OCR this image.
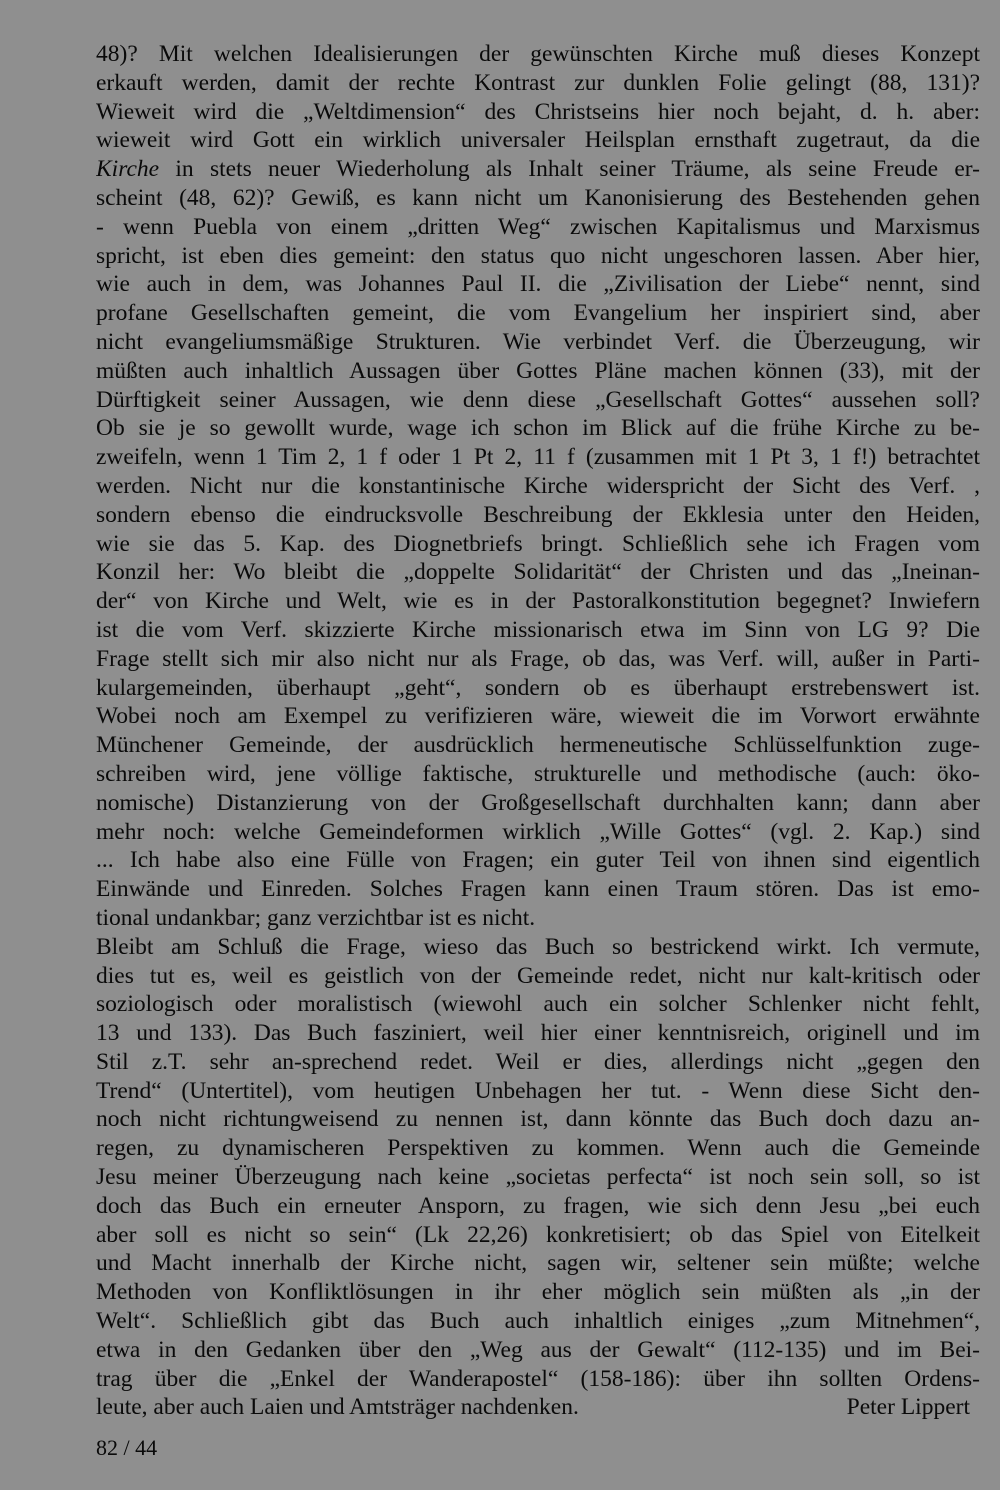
48)? Mit welchen Idealisierungen der gewünschten Kirche muß dieses Konzept
erkauft werden, damit der rechte Kontrast zur dunklen Folie gelingt (88, 131)?
Wieweit wird die „Weltdimension“ des Christseins hier noch bejaht, d. h. aber:
wieweit wird Gott ein wirklich universaler Heilsplan ernsthaft zugetraut, da die
Kirche in stets neuer Wiederholung als Inhalt seiner Träume, als seine Freude er-
scheint (48, 62)? Gewiß, es kann nicht um Kanonisierung des Bestehenden gehen
- wenn Puebla von einem „dritten Weg“ zwischen Kapitalismus und Marxismus
spricht, ist eben dies gemeint: den status quo nicht ungeschoren lassen. Aber hier,
wie auch in dem, was Johannes Paul II. die „Zivilisation der Liebe“ nennt, sind
profane Gesellschaften gemeint, die vom Evangelium her inspiriert sind, aber
nicht evangeliumsmäßige Strukturen. Wie verbindet Verf. die Überzeugung, wir
müßten auch inhaltlich Aussagen über Gottes Pläne machen können (33), mit der
Dürftigkeit seiner Aussagen, wie denn diese „Gesellschaft Gottes“ aussehen soll?
Ob sie je so gewollt wurde, wage ich schon im Blick auf die frühe Kirche zu be-
zweifeln, wenn 1 Tim 2, 1 f oder 1 Pt 2, 11 f (zusammen mit 1 Pt 3, 1 f!) betrachtet
werden. Nicht nur die konstantinische Kirche widerspricht der Sicht des Verf. ,
sondern ebenso die eindrucksvolle Beschreibung der Ekklesia unter den Heiden,
wie sie das 5. Kap. des Diognetbriefs bringt. Schließlich sehe ich Fragen vom
Konzil her: Wo bleibt die „doppelte Solidarität“ der Christen und das „Ineinan-
der“ von Kirche und Welt, wie es in der Pastoralkonstitution begegnet? Inwiefern
ist die vom Verf. skizzierte Kirche missionarisch etwa im Sinn von LG 9? Die
Frage stellt sich mir also nicht nur als Frage, ob das, was Verf. will, außer in Parti-
kulargemeinden, überhaupt „geht“, sondern ob es überhaupt erstrebenswert ist.
Wobei noch am Exempel zu verifizieren wäre, wieweit die im Vorwort erwähnte
Münchener Gemeinde, der ausdrücklich hermeneutische Schlüsselfunktion zuge-
schreiben wird, jene völlige faktische, strukturelle und methodische (auch: öko-
nomische) Distanzierung von der Großgesellschaft durchhalten kann; dann aber
mehr noch: welche Gemeindeformen wirklich „Wille Gottes“ (vgl. 2. Kap.) sind
... Ich habe also eine Fülle von Fragen; ein guter Teil von ihnen sind eigentlich
Einwände und Einreden. Solches Fragen kann einen Traum stören. Das ist emo-
tional undankbar; ganz verzichtbar ist es nicht.
Bleibt am Schluß die Frage, wieso das Buch so bestrickend wirkt. Ich vermute,
dies tut es, weil es geistlich von der Gemeinde redet, nicht nur kalt-kritisch oder
soziologisch oder moralistisch (wiewohl auch ein solcher Schlenker nicht fehlt,
13 und 133). Das Buch fasziniert, weil hier einer kenntnisreich, originell und im
Stil z.T. sehr an-sprechend redet. Weil er dies, allerdings nicht „gegen den
Trend“ (Untertitel), vom heutigen Unbehagen her tut. - Wenn diese Sicht den-
noch nicht richtungweisend zu nennen ist, dann könnte das Buch doch dazu an-
regen, zu dynamischeren Perspektiven zu kommen. Wenn auch die Gemeinde
Jesu meiner Überzeugung nach keine „societas perfecta“ ist noch sein soll, so ist
doch das Buch ein erneuter Ansporn, zu fragen, wie sich denn Jesu „bei euch
aber soll es nicht so sein“ (Lk 22,26) konkretisiert; ob das Spiel von Eitelkeit
und Macht innerhalb der Kirche nicht, sagen wir, seltener sein müßte; welche
Methoden von Konfliktlösungen in ihr eher möglich sein müßten als „in der
Welt“. Schließlich gibt das Buch auch inhaltlich einiges „zum Mitnehmen“,
etwa in den Gedanken über den „Weg aus der Gewalt“ (112-135) und im Bei-
trag über die „Enkel der Wanderapostel“ (158-186): über ihn sollten Ordens-
leute, aber auch Laien und Amtsträger nachdenken.	Peter Lippert
82 / 44
